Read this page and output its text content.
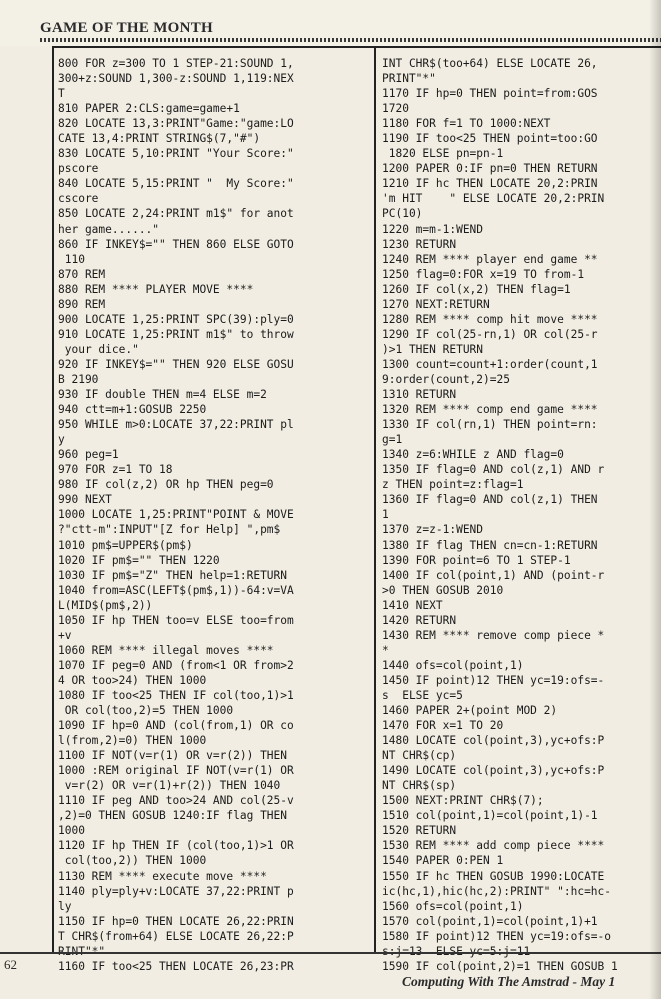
GAME OF THE MONTH
800 FOR z=300 TO 1 STEP-21:SOUND 1,
300+z:SOUND 1,300-z:SOUND 1,119:NEX
T
810 PAPER 2:CLS:game=game+1
820 LOCATE 13,3:PRINT"Game:"game:LO
CATE 13,4:PRINT STRING$(7,"#")
830 LOCATE 5,10:PRINT "Your Score:"
pscore
840 LOCATE 5,15:PRINT "  My Score:"
cscore
850 LOCATE 2,24:PRINT m1$" for anot
her game......"
860 IF INKEY$="" THEN 860 ELSE GOTO
110
870 REM
880 REM **** PLAYER MOVE ****
890 REM
900 LOCATE 1,25:PRINT SPC(39):ply=0
910 LOCATE 1,25:PRINT m1$" to throw
your dice."
920 IF INKEY$="" THEN 920 ELSE GOSU
B 2190
930 IF double THEN m=4 ELSE m=2
940 ctt=m+1:GOSUB 2250
950 WHILE m>0:LOCATE 37,22:PRINT pl
y
960 peg=1
970 FOR z=1 TO 18
980 IF col(z,2) OR hp THEN peg=0
990 NEXT
1000 LOCATE 1,25:PRINT"POINT & MOVE
?"ctt-m":INPUT"[Z for Help] ",pm$
1010 pm$=UPPER$(pm$)
1020 IF pm$="" THEN 1220
1030 IF pm$="Z" THEN help=1:RETURN
1040 from=ASC(LEFT$(pm$,1))-64:v=VA
L(MID$(pm$,2))
1050 IF hp THEN too=v ELSE too=from
+v
1060 REM **** illegal moves ****
1070 IF peg=0 AND (from<1 OR from>2
4 OR too>24) THEN 1000
1080 IF too<25 THEN IF col(too,1)>1
OR col(too,2)=5 THEN 1000
1090 IF hp=0 AND (col(from,1) OR co
l(from,2)=0) THEN 1000
1100 IF NOT(v=r(1) OR v=r(2)) THEN
1000 :REM original IF NOT(v=r(1) OR
v=r(2) OR v=r(1)+r(2)) THEN 1040
1110 IF peg AND too>24 AND col(25-v
,2)=0 THEN GOSUB 1240:IF flag THEN
1000
1120 IF hp THEN IF (col(too,1)>1 OR
col(too,2)) THEN 1000
1130 REM **** execute move ****
1140 ply=ply+v:LOCATE 37,22:PRINT p
ly
1150 IF hp=0 THEN LOCATE 26,22:PRIN
T CHR$(from+64) ELSE LOCATE 26,22:P
1160 IF too<25 THEN LOCATE 26,23:PR
INT CHR$(too+64) ELSE LOCATE 26,
PRINT"*"
1170 IF hp=0 THEN point=from:GOS
1720
1180 FOR f=1 TO 1000:NEXT
1190 IF too<25 THEN point=too:GO
1820 ELSE pn=pn-1
1200 PAPER 0:IF pn=0 THEN RETURN
1210 IF hc THEN LOCATE 20,2:PRIN
'm HIT    " ELSE LOCATE 20,2:PRIN
PC(10)
1220 m=m-1:WEND
1230 RETURN
1240 REM **** player end game **
1250 flag=0:FOR x=19 TO from-1
1260 IF col(x,2) THEN flag=1
1270 NEXT:RETURN
1280 REM **** comp hit move ****
1290 IF col(25-rn,1) OR col(25-r
)>1 THEN RETURN
1300 count=count+1:order(count,1
9:order(count,2)=25
1310 RETURN
1320 REM **** comp end game ****
1330 IF col(rn,1) THEN point=rn:
g=1
1340 z=6:WHILE z AND flag=0
1350 IF flag=0 AND col(z,1) AND r
z THEN point=z:flag=1
1360 IF flag=0 AND col(z,1) THEN
1
1370 z=z-1:WEND
1380 IF flag THEN cn=cn-1:RETURN
1390 FOR point=6 TO 1 STEP-1
1400 IF col(point,1) AND (point-r
>0 THEN GOSUB 2010
1410 NEXT
1420 RETURN
1430 REM **** remove comp piece *
*
1440 ofs=col(point,1)
1450 IF point)12 THEN yc=19:ofs=-
s  ELSE yc=5
1460 PAPER 2+(point MOD 2)
1470 FOR x=1 TO 20
1480 LOCATE col(point,3),yc+ofs:P
NT CHR$(cp)
1490 LOCATE col(point,3),yc+ofs:P
NT CHR$(sp)
1500 NEXT:PRINT CHR$(7);
1510 col(point,1)=col(point,1)-1
1520 RETURN
1530 REM **** add comp piece ****
1540 PAPER 0:PEN 1
1550 IF hc THEN GOSUB 1990:LOCATE
ic(hc,1),hic(hc,2):PRINT" ":hc=hc-
1560 ofs=col(point,1)
1570 col(point,1)=col(point,1)+1
1580 IF point)12 THEN yc=19:ofs=-o
1590 IF col(point,2)=1 THEN GOSUB 1
62
Computing With The Amstrad - May 1
